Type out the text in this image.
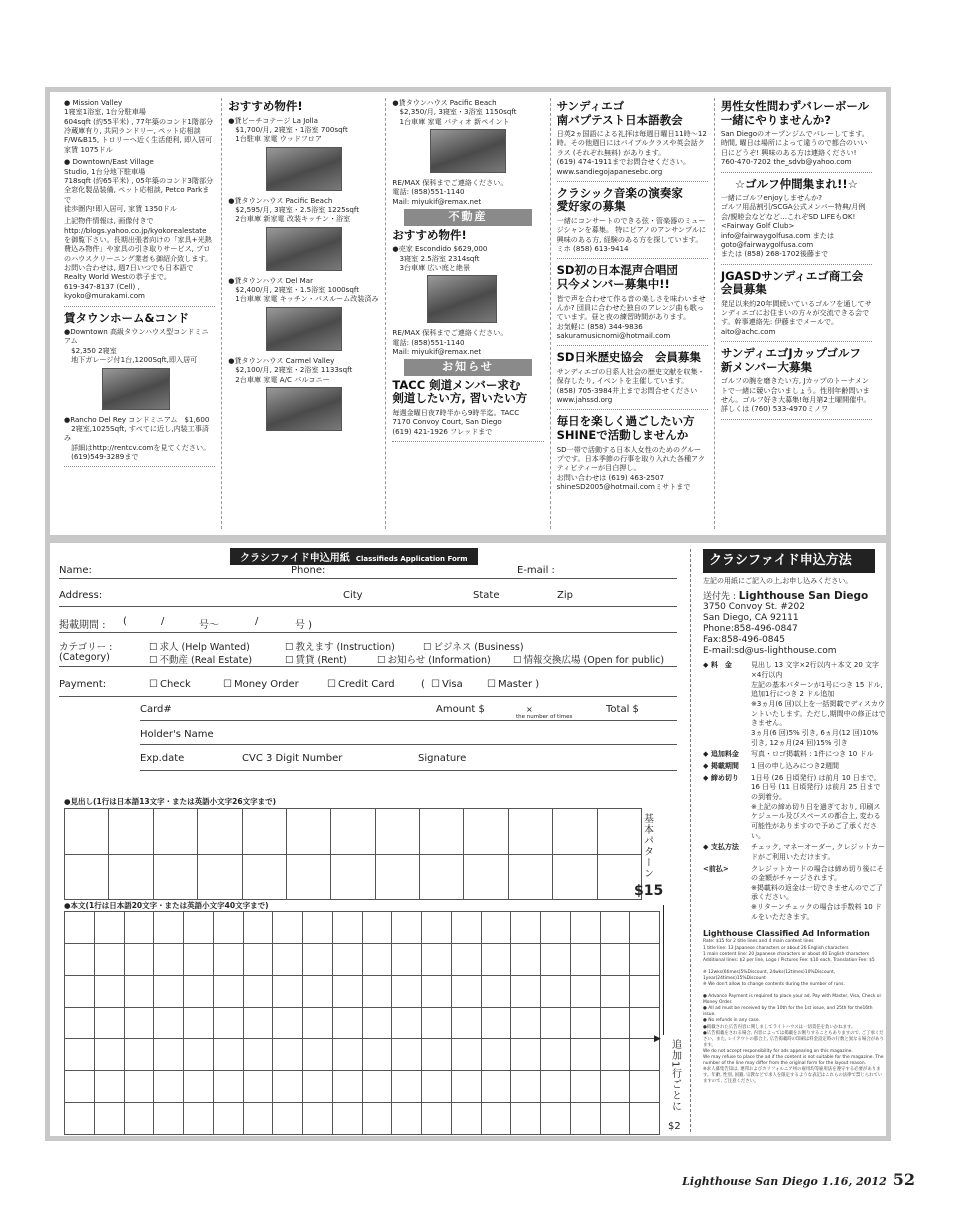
● Mission Valley
1寝室1浴室, 1台分駐車場
604sqft (約55平米) , 77年築のコンド1階部分
冷蔵庫有り, 共同ランドリー, ペット応相談
F/W&B15, トロリーへ近く生活便利, 即入居可
家賃 1075ドル

● Downtown/East Village
Studio, 1台分地下駐車場
718sqft (約65平米) , 05年築のコンド3階部分
全窓化製品装備, ペット応相談, Petco Parkまで
徒歩圏内!即入居可, 家賃 1350ドル

上記物件情報は, 画像付きで
http://blogs.yahoo.co.jp/kyokorealestate を御覧下さい。長期出張者向けの「家具+光熱費込み物件」や家具の引き取りサービス, プロのハウスクリーニング業者も御紹介致します。
お問い合わせは, 週7日いつでも日本語で
Realty World Westの恭子まで。
619-347-8137 (Cell) , kyoko@murakami.com

賃タウンホーム&コンド

●Downtown 高級タウンハウス型コンドミニアム
　$2,350 2寝室
　地下ガレージ付1台,1200Sqft,即入居可

●Rancho Del Rey コンドミニアム　$1,600
　2寝室,1025Sqft, すべてに近し,内装工事済み
　詳細はhttp://rentcv.comを見てください。
　(619)549-3289まで

おすすめ物件!

●貸ビーチコテージ La Jolla
　$1,700/月, 2寝室・1浴室 700sqft
　1台駐車 家電 ウッドフロア

●貸タウンハウス Pacific Beach
　$2,595/月, 3寝室・2.5浴室 1225sqft
　2台車庫 新家電 改装キッチン・浴室

●貸タウンハウス Del Mar
　$2,400/月, 2寝室・1.5浴室 1000sqft
　1台車庫 家電 キッチン・バスルーム改装済み

●貸タウンハウス Carmel Valley
　$2,100/月, 2寝室・2浴室 1133sqft
　2台車庫 家電 A/C バルコニー

●貸タウンハウス Pacific Beach
　$2,350/月, 3寝室・3浴室 1150sqft
　1台車庫 家電 パティオ 新ペイント

RE/MAX 保科までご連絡ください。
電話: (858)551-1140
Mail: miyukif@remax.net

不動産
おすすめ物件!

●売家 Escondido $629,000
　3寝室 2.5浴室 2314sqft
　3台車庫 広い庭と絶景

RE/MAX 保科までご連絡ください。
電話: (858)551-1140
Mail: miyukif@remax.net

お知らせ
TACC 剣道メンバー求む
剣道したい方, 習いたい方

毎週金曜日夜7時半から9時半迄。TACC
7170 Convoy Court, San Diego
(619) 421-1926 フレッドまで

サンディエゴ
南バプテスト日本語教会

日英2ヵ国語による礼拝は毎週日曜日11時〜12時。その他週日にはバイブルクラスや英会話クラス (それぞれ無料) があります。
(619) 474-1911までお問合せください。
www.sandiegojapanesebc.org

クラシック音楽の演奏家
愛好家の募集

一緒にコンサートのできる弦・管楽器のミュージシャンを募集。 特にピアノのアンサンブルに興味のある方, 経験のある方を探しています。
ミホ (858) 613-9414

SD初の日本混声合唱団
只今メンバー募集中!!

皆で声を合わせて作る音の楽しさを味わいませんか? 団員に合わせた独自のアレンジ曲も歌っています。昼と夜の練習時間があります。
お気軽に (858) 344-9836
sakuramusicnomi@hotmail.com

SD日米歴史協会　会員募集

サンディエゴの日系人社会の歴史文献を収集・保存したり, イベントを主催しています。
(858) 705-3984井上までお問合せください
www.jahssd.org

毎日を楽しく過ごしたい方
SHINEで活動しませんか

SD一帯で活動する日本人女性のためのグループです。日本季節の行事を取り入れた各種アクティビティーが目白押し。
お問い合わせは (619) 463-2507
shineSD2005@hotmail.comミサトまで

男性女性問わずバレーボール
一緒にやりませんか?

San Diegoのオープンジムでバレーしてます。時間, 曜日は場所によって違うので都合のいい日にどうぞ! 興味のある方は連絡ください!
760-470-7202 the_sdvb@yahoo.com

☆ゴルフ仲間集まれ!!☆

一緒にゴルフenjoyしませんか?
ゴルフ用品割引/SCGA公式メンバー特典/月例会/親睦会などなど…これぞSD LIFEもOK!
<Fairway Golf Club>
info@fairwaygolfusa.com または
goto@fairwaygolfusa.com
または (858) 268-1702後藤まで

JGASDサンディエゴ商工会
会員募集

発足以来約20年間続いているゴルフを通してサンディエゴにお住まいの方々が交流できる会です。幹事連絡先: 伊藤までメールで。
aito@achc.com

サンディエゴJカップゴルフ
新メンバー大募集

ゴルフの腕を磨きたい方, Jカップのトーナメントで一緒に競い合いましょう。性別年齢問いません。ゴルフ好き大募集!毎月第2土曜開催中。
詳しくは (760) 533-4970ミノワ

クラシファイド申込用紙 Classifieds Application Form
Name:	Phone:	E-mail :
Address:	City	State	Zip
掲載期間 : (	/	号〜	/	号 )
カテゴリー :
(Category)
☐ 求人 (Help Wanted)	☐ 教えます (Instruction)	☐ ビジネス (Business)
☐ 不動産 (Real Estate)	☐ 賃貸 (Rent)	☐ お知らせ (Information)	☐ 情報交換広場 (Open for public)
Payment:	☐ Check	☐ Money Order	☐ Credit Card	(	☐ Visa	☐ Master )
Card#	Amount $	×
the number of times
Total $
Holder's Name
Exp.date	CVC 3 Digit Number	Signature
●見出し(1行は日本語13文字・または英語小文字26文字まで)
●本文(1行は日本語20文字・または英語小文字40文字まで)
基本パターン
$15
▶ 追加1行ごとに
$2
クラシファイド申込方法
左記の用紙にご記入の上,お申し込みください。
送付先 : Lighthouse San Diego
3750 Convoy St. #202
San Diego, CA 92111
Phone:858-496-0847
Fax:858-496-0845
E-mail:sd@us-lighthouse.com
◆ 料　金	見出し 13 文字×2行以内＋本文 20 文字×4行以内
左記の基本パターンが1号につき 15 ドル, 追加1行につき 2 ドル追加
※3ヵ月(6 回)以上を一括掲載でディスカウントいたします。ただし,期間中の修正はできません。
3ヵ月(6 回)5% 引き, 6ヵ月(12 回)10% 引き, 12ヵ月(24 回)15% 引き
◆ 追加料金	写真・ロゴ掲載料 : 1件につき 10 ドル
◆ 掲載期間	1 回の申し込みにつき2週間
◆ 締め切り	1日号 (26 日頃発行) は前月 10 日まで, 16 日号 (11 日頃発行) は前月 25 日までの到着分。
※上記の締め切り日を過ぎており, 印刷スケジュール及びスペースの都合上, 変わる可能性がありますので予めご了承ください。
◆ 支払方法	チェック, マネーオーダー, クレジットカードがご利用いただけます。
<前払>	クレジットカードの場合は締め切り後にその金額がチャージされます。
※掲載料の返金は一切できませんのでご了承ください。
※リターンチェックの場合は手数料 10 ドルをいただきます。
Lighthouse Classified Ad Information
Rate: $15 for 2 title lines and 4 main content lines
1 title line: 13 Japanese characters or about 26 English characters
1 main content line: 20 Japanese characters or about 40 English characters
Additional lines: $2 per line, Logo / Pictures Fee: $10 each, Translation Fee: $5

※ 12wks(6times)5%Discount, 24wks(12times)10%Discount,
1year(24times)15%Discount
※ We don't allow to change contents during the number of runs.

● Advance Payment is required to place your ad. Pay with Master, Visa, Check or Money Order.
● All ad must be received by the 10th for the 1st issue, and 25th for the16th issue.
● No refunds in any case.
●掲載された広告内容に関しましてライトハウスは一切責任を負いかねます。
●広告掲載をされる場合, 内容によっては掲載をお断りすることもありますので, ご了承ください。また, レイアウトの都合上, 広告掲載時の印刷は料金設定時の行数と異なる場合があります。
We do not accept responsibility for ads appearing on this magazine.
We may refuse to place the ad if the content is not suitable for the magazine. The number of the line may differ from the original form for the layout reason.
※求人募集告知は, 連邦およびカリフォルニア州の雇用均等雇用法を遵守する必要があります。年齢, 性別, 国籍, 宗教などで求人を限定するような表記はこれらの法律で禁じられていますので, ご注意ください。
Lighthouse San Diego 1.16, 2012 52
